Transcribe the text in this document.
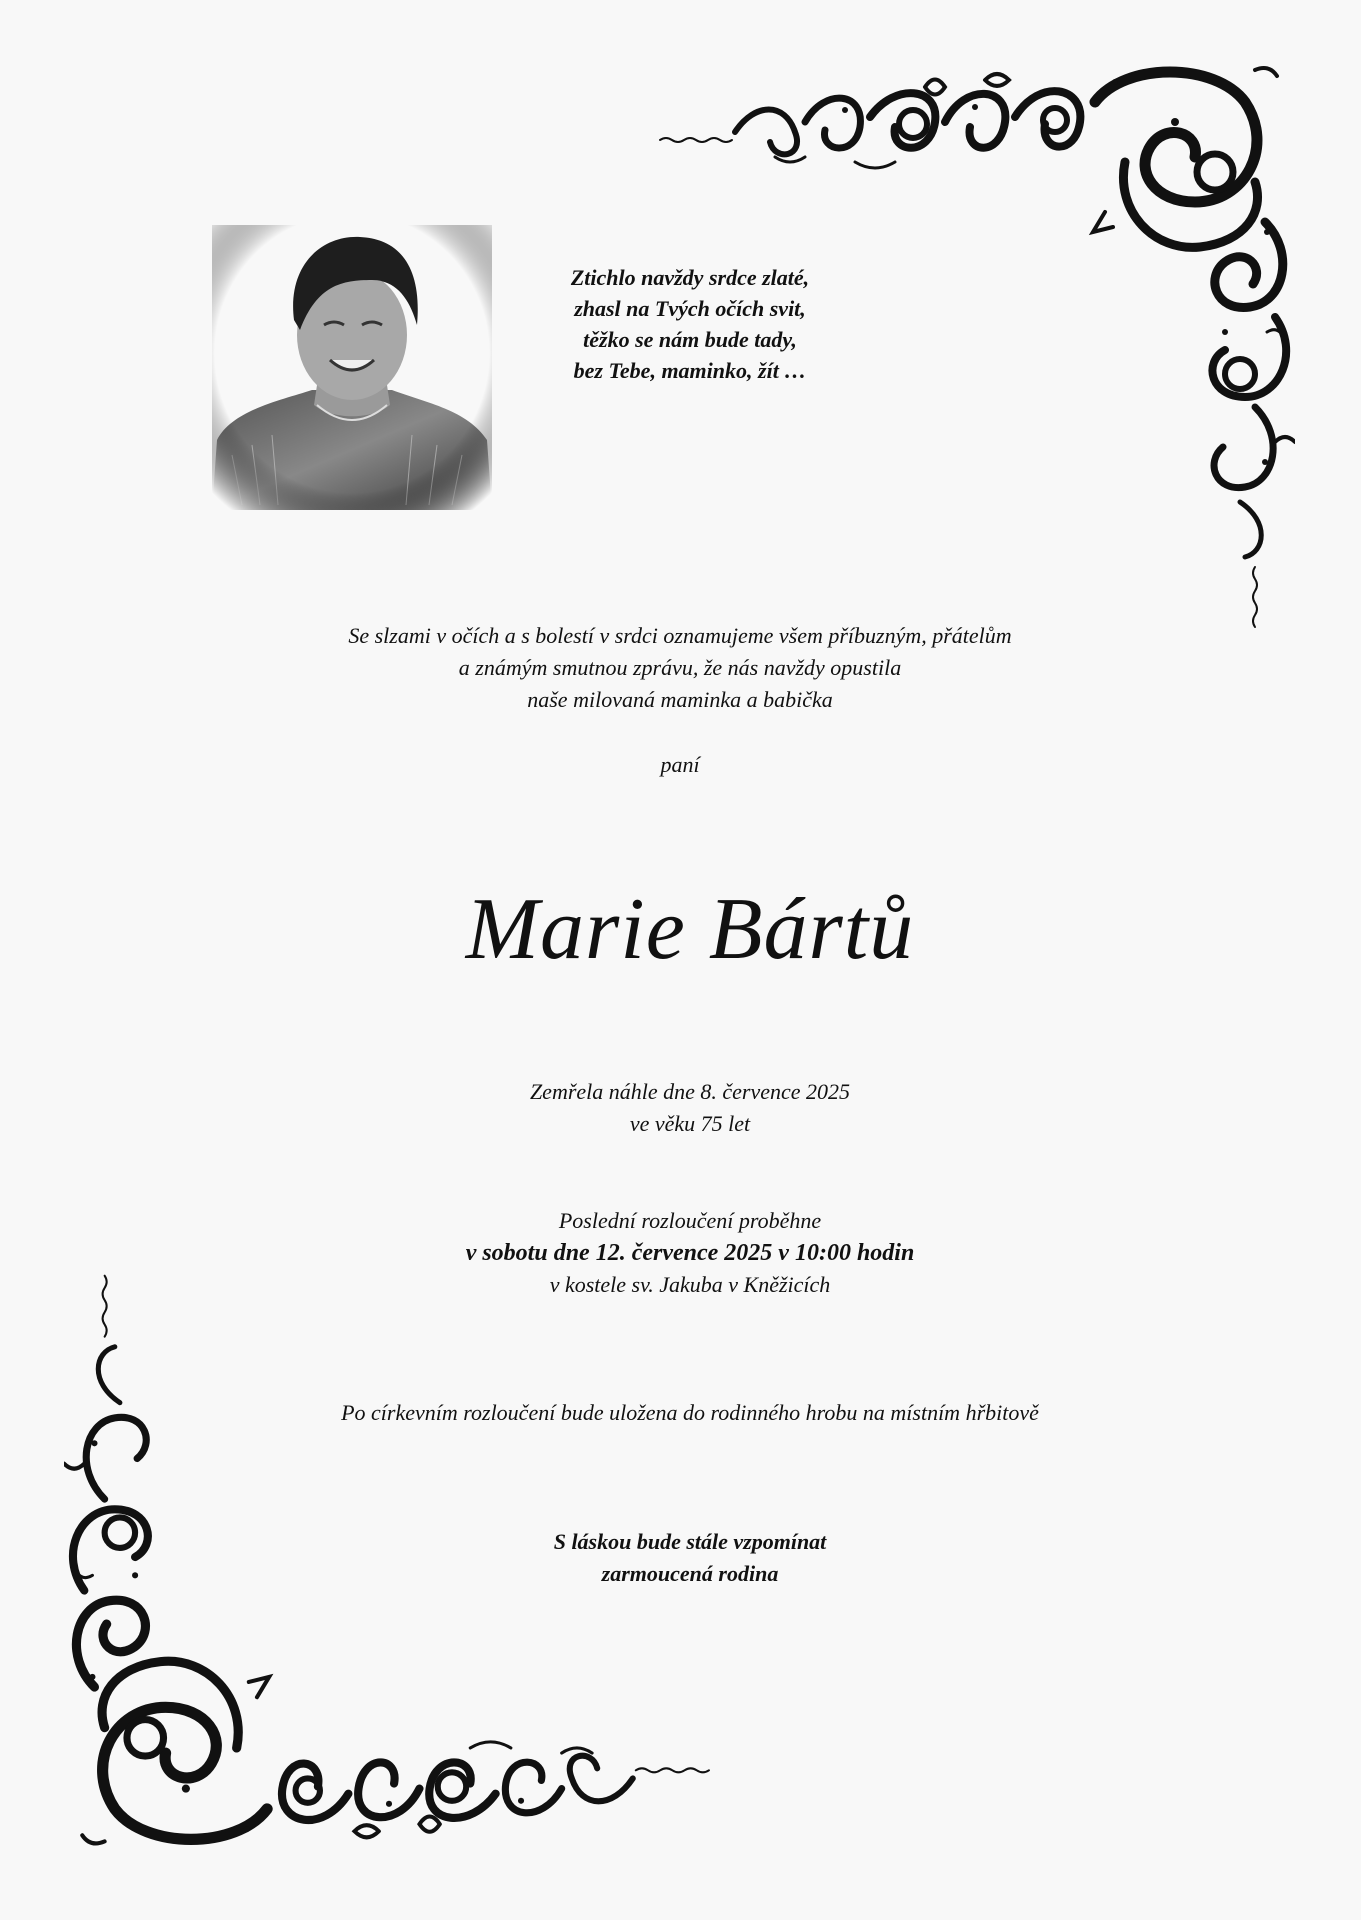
Ztichlo navždy srdce zlaté,
zhasl na Tvých očích svit,
těžko se nám bude tady,
bez Tebe, maminko, žít …
Se slzami v očích a s bolestí v srdci oznamujeme všem příbuzným, přátelům
a známým smutnou zprávu, že nás navždy opustila
naše milovaná maminka a babička
paní
Marie Bártů
Zemřela náhle dne 8. července 2025
ve věku 75 let
Poslední rozloučení proběhne
v sobotu dne 12. července 2025 v 10:00 hodin
v kostele sv. Jakuba v Kněžicích
Po církevním rozloučení bude uložena do rodinného hrobu na místním hřbitově
S láskou bude stále vzpomínat
zarmoucená rodina
